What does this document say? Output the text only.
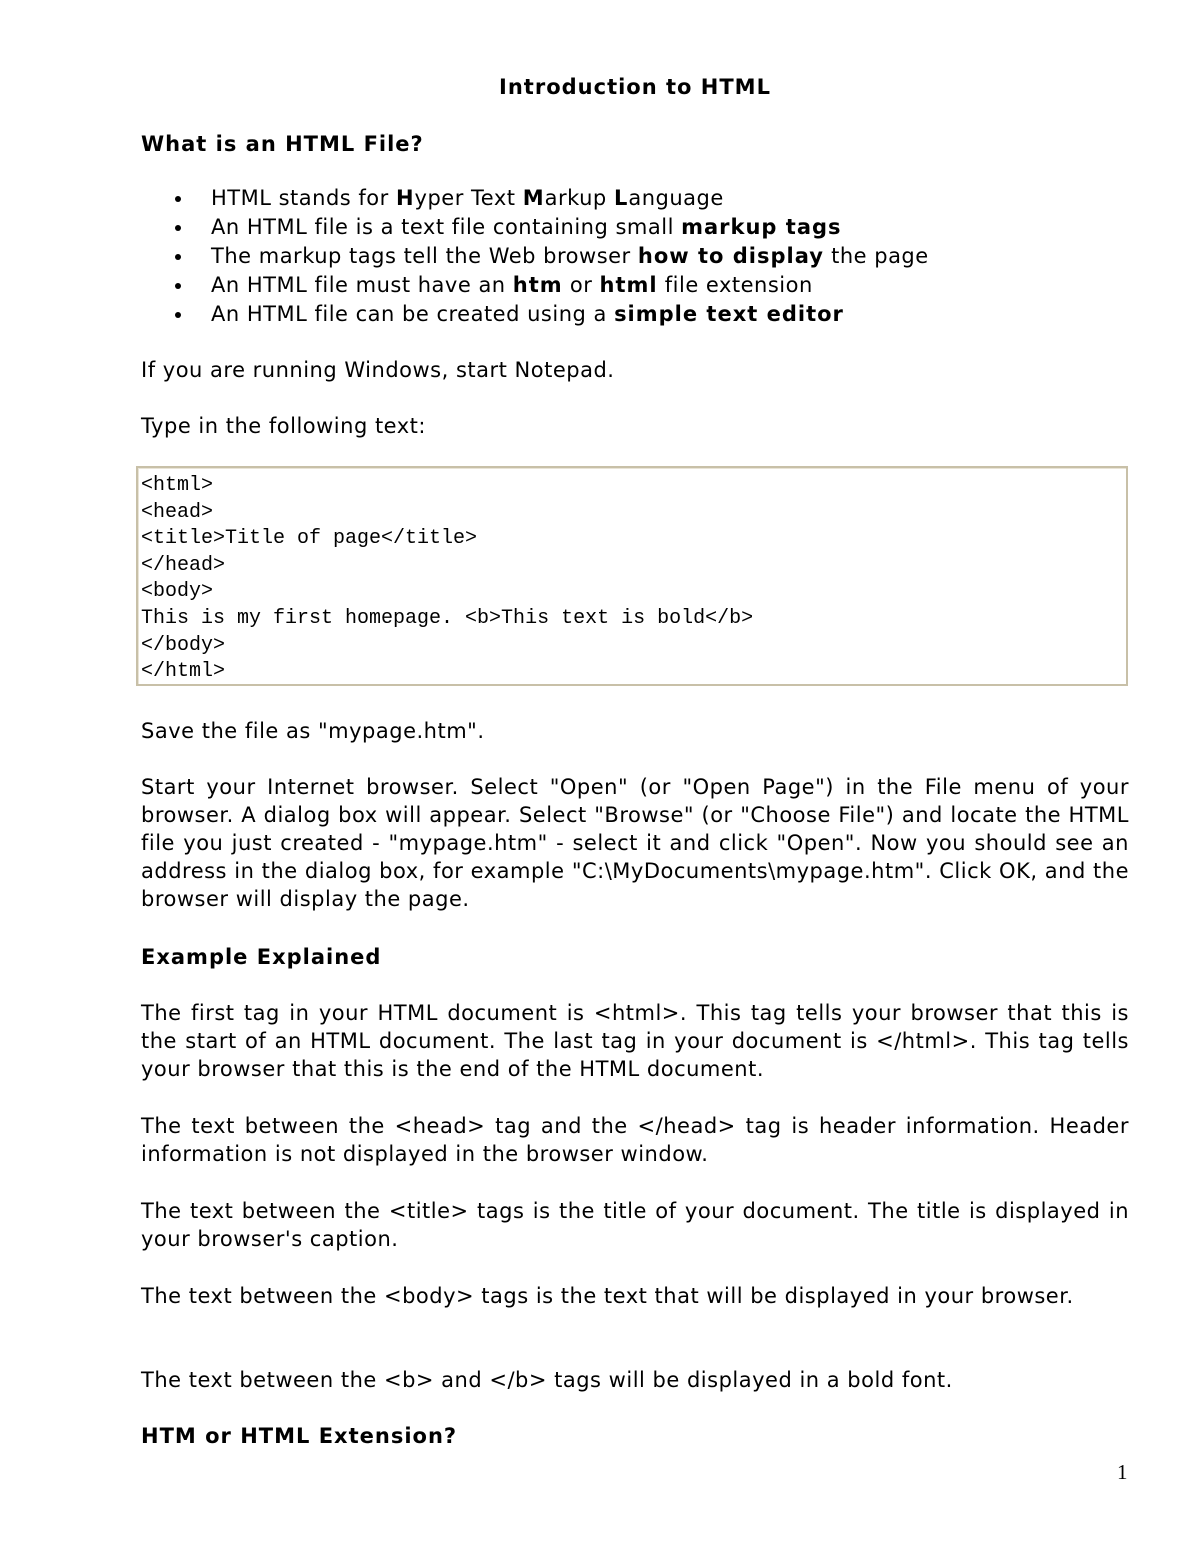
Introduction to HTML
What is an HTML File?
HTML stands for Hyper Text Markup Language
An HTML file is a text file containing small markup tags
The markup tags tell the Web browser how to display the page
An HTML file must have an htm or html file extension
An HTML file can be created using a simple text editor
If you are running Windows, start Notepad.
Type in the following text:
<html>
<head>
<title>Title of page</title>
</head>
<body>
This is my first homepage. <b>This text is bold</b>
</body>
</html>
Save the file as "mypage.htm".
Start your Internet browser. Select "Open" (or "Open Page") in the File menu of your browser. A dialog box will appear. Select "Browse" (or "Choose File") and locate the HTML file you just created - "mypage.htm" - select it and click "Open". Now you should see an address in the dialog box, for example "C:\MyDocuments\mypage.htm". Click OK, and the browser will display the page.
Example Explained
The first tag in your HTML document is <html>. This tag tells your browser that this is the start of an HTML document. The last tag in your document is </html>. This tag tells your browser that this is the end of the HTML document.
The text between the <head> tag and the </head> tag is header information. Header information is not displayed in the browser window.
The text between the <title> tags is the title of your document. The title is displayed in your browser's caption.
The text between the <body> tags is the text that will be displayed in your browser.
The text between the <b> and </b> tags will be displayed in a bold font.
HTM or HTML Extension?
1
